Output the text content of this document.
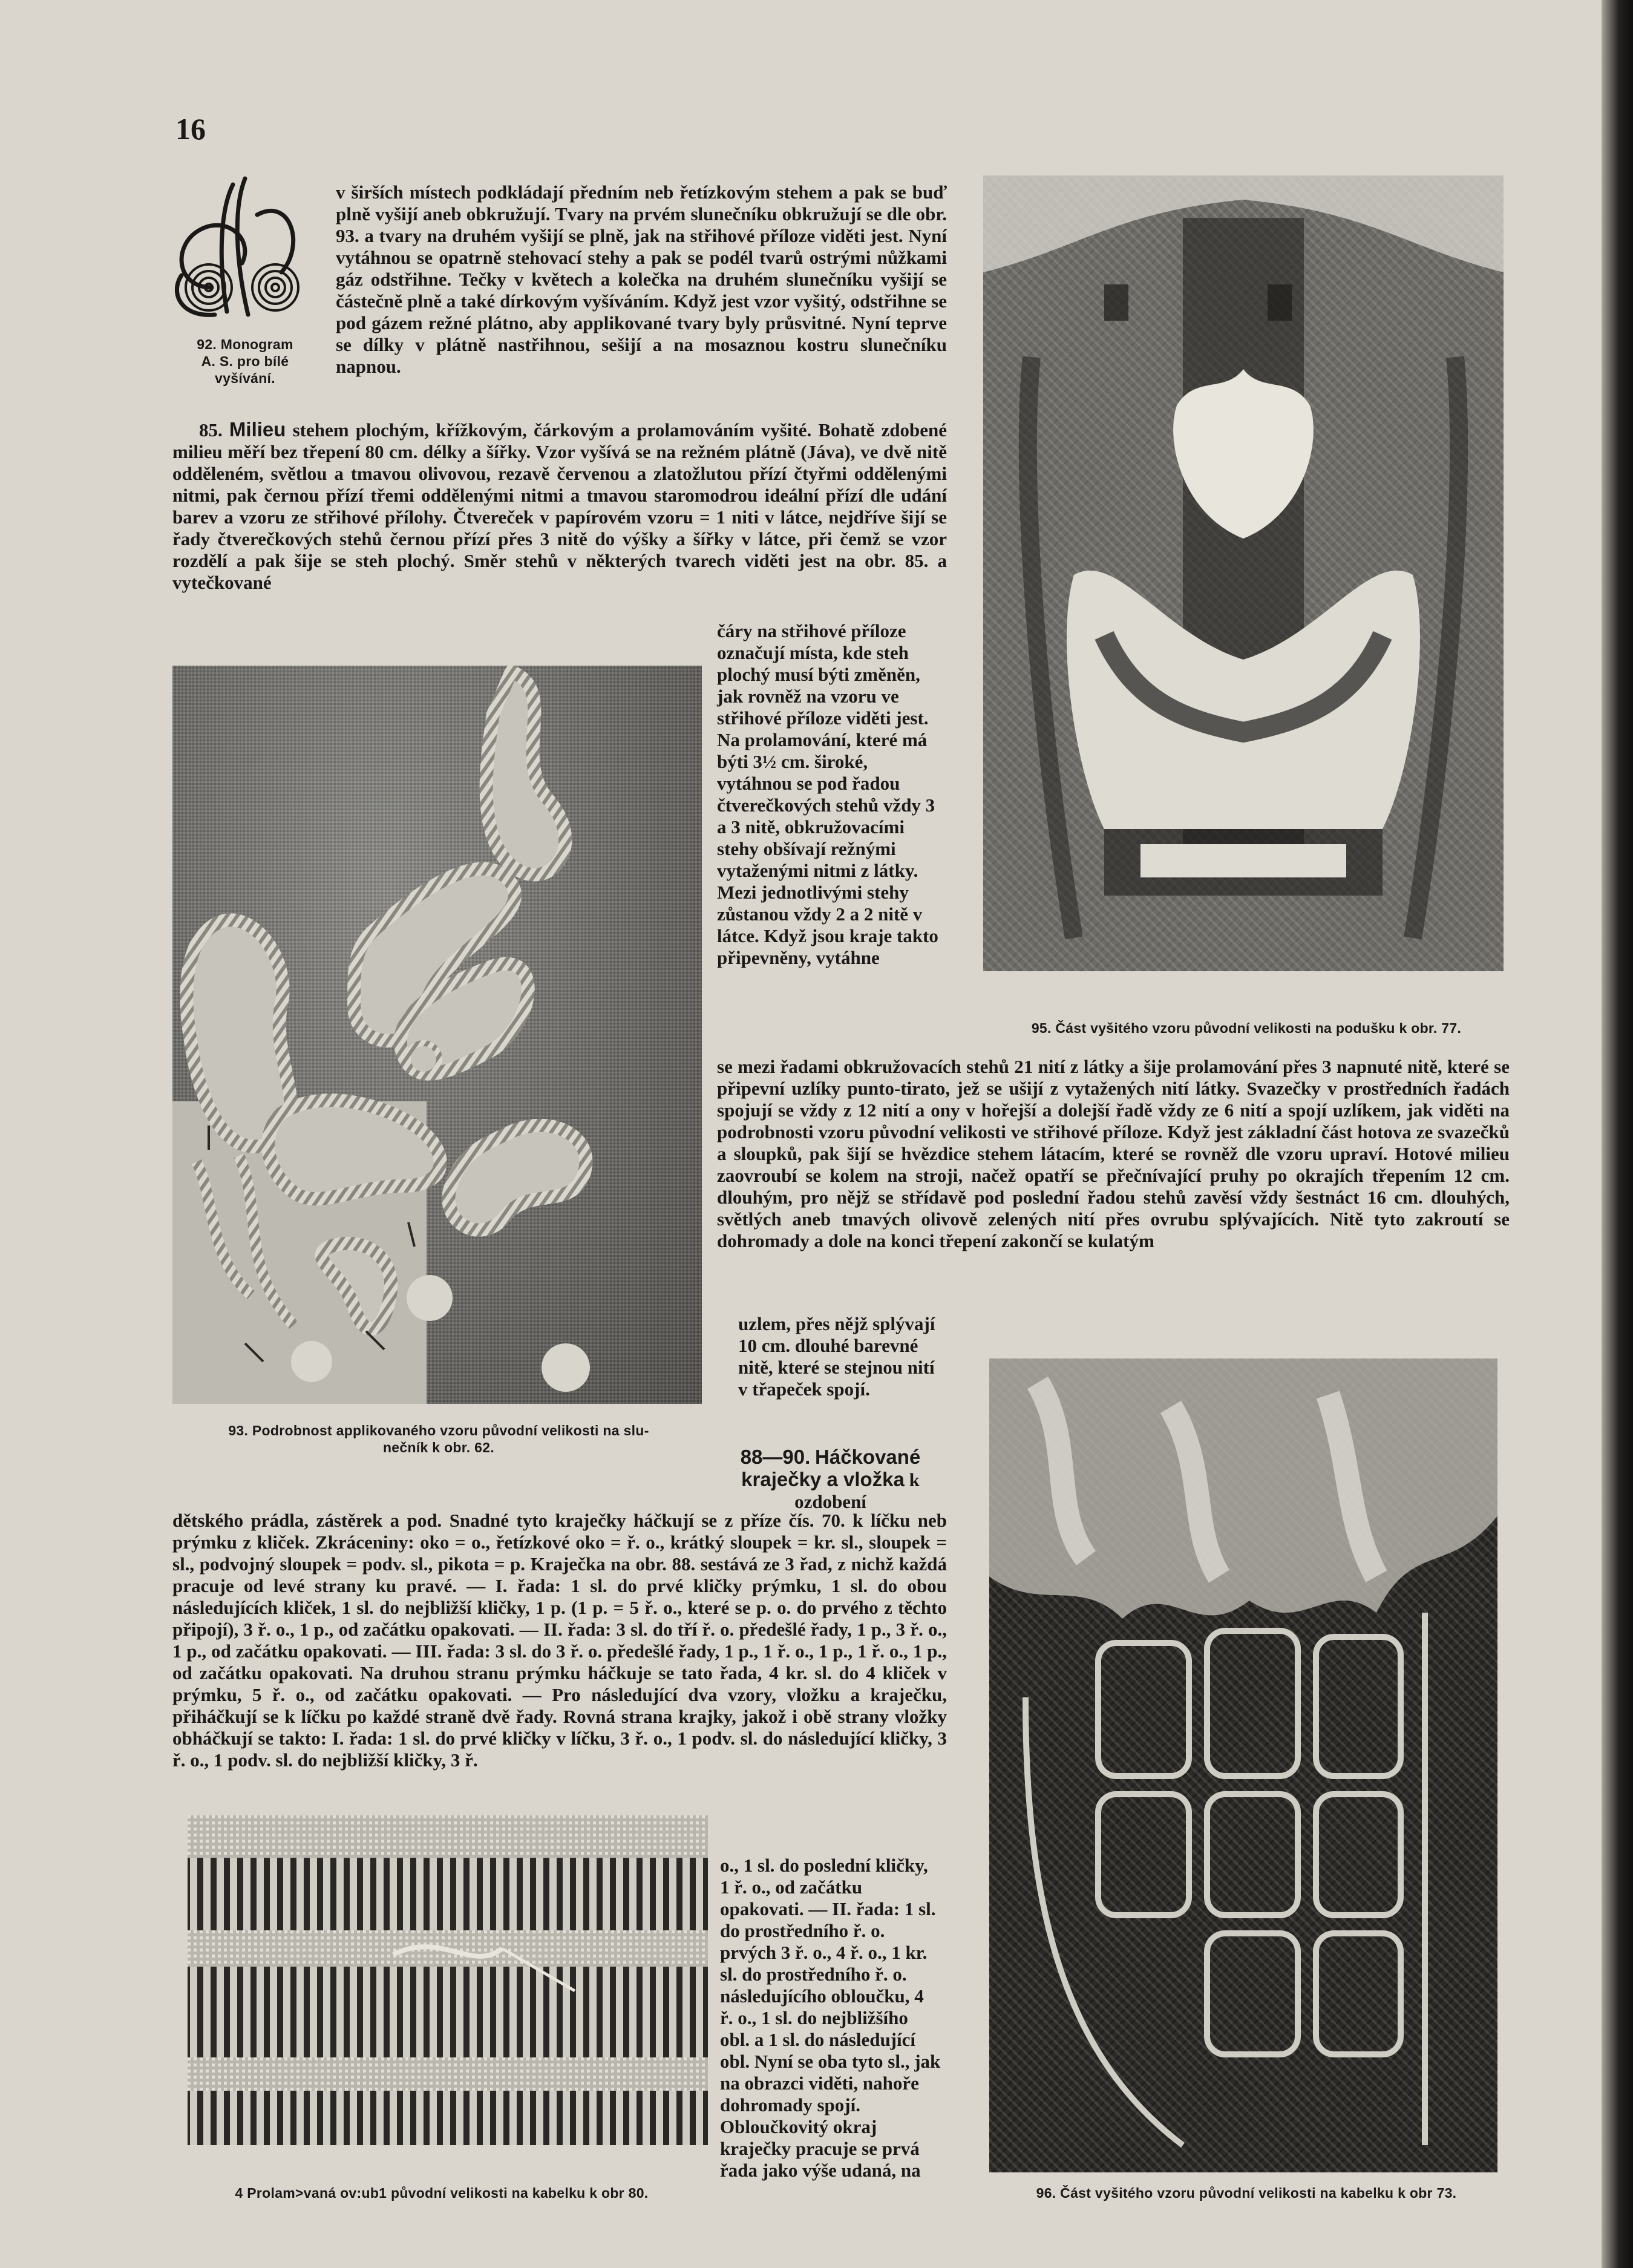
16
92. Monogram
A. S. pro bílé
vyšívání.

v širších místech podkládají předním neb řetízkovým stehem a pak se buď plně vyšijí aneb obkružují. Tvary na prvém slunečníku obkružují se dle obr. 93. a tvary na druhém vyšijí se plně, jak na střihové příloze viděti jest. Nyní vytáhnou se opatrně stehovací stehy a pak se podél tvarů ostrými nůžkami gáz odstřihne. Tečky v květech a kolečka na druhém slunečníku vyšijí se částečně plně a také dírkovým vyšíváním. Když jest vzor vyšitý, odstřihne se pod gázem režné plátno, aby applikované tvary byly průsvitné. Nyní teprve se dílky v plátně nastřihnou, sešijí a na mosaznou kostru slunečníku napnou.

85. Milieu stehem plochým, křížkovým, čárkovým a prolamováním vyšité. Bohatě zdobené milieu měří bez třepení 80 cm. délky a šířky. Vzor vyšívá se na režném plátně (Jáva), ve dvě nitě odděleném, světlou a tmavou olivovou, rezavě červenou a zlatožlutou přízí čtyřmi oddělenými nitmi, pak černou přízí třemi oddělenými nitmi a tmavou staromodrou ideální přízí dle udání barev a vzoru ze střihové přílohy. Čtvereček v papírovém vzoru = 1 niti v látce, nejdříve šijí se řady čtverečkových stehů černou přízí přes 3 nitě do výšky a šířky v látce, při čemž se vzor rozdělí a pak šije se steh plochý. Směr stehů v některých tvarech viděti jest na obr. 85. a vytečkované

93. Podrobnost applikovaného vzoru původní velikosti na slu-
nečník k obr. 62.

čáry na střihové příloze označují místa, kde steh plochý musí býti změněn, jak rovněž na vzoru ve střihové příloze viděti jest. Na prolamování, které má býti 3½ cm. široké, vytáhnou se pod řadou čtverečkových stehů vždy 3 a 3 nitě, obkružovacími stehy obšívají režnými vytaženými nitmi z látky. Mezi jednotlivými stehy zůstanou vždy 2 a 2 nitě v látce. Když jsou kraje takto připevněny, vytáhne

95. Část vyšitého vzoru původní velikosti na podušku k obr. 77.

se mezi řadami obkružovacích stehů 21 nití z látky a šije prolamování přes 3 napnuté nitě, které se připevní uzlíky punto-tirato, jež se ušijí z vytažených nití látky. Svazečky v prostředních řadách spojují se vždy z 12 nití a ony v hořejší a dolejší řadě vždy ze 6 nití a spojí uzlíkem, jak viděti na podrobnosti vzoru původní velikosti ve střihové příloze. Když jest základní část hotova ze svazečků a sloupků, pak šijí se hvězdice stehem látacím, které se rovněž dle vzoru upraví. Hotové milieu zaovroubí se kolem na stroji, načež opatří se přečnívající pruhy po okrajích třepením 12 cm. dlouhým, pro nějž se střídavě pod poslední řadou stehů zavěsí vždy šestnáct 16 cm. dlouhých, světlých aneb tmavých olivově zelených nití přes ovrubu splývajících. Nitě tyto zakroutí se dohromady a dole na konci třepení zakončí se kulatým

uzlem, přes nějž splývají 10 cm. dlouhé barevné nitě, které se stejnou nití v třapeček spojí.

88—90. Háčkované kraječky a vložka k ozdobení

dětského prádla, zástěrek a pod. Snadné tyto kraječky háčkují se z příze čís. 70. k líčku neb prýmku z kliček. Zkráceniny: oko = o., řetízkové oko = ř. o., krátký sloupek = kr. sl., sloupek = sl., podvojný sloupek = podv. sl., pikota = p. Kraječka na obr. 88. sestává ze 3 řad, z nichž každá pracuje od levé strany ku pravé. — I. řada: 1 sl. do prvé kličky prýmku, 1 sl. do obou následujících kliček, 1 sl. do nejbližší kličky, 1 p. (1 p. = 5 ř. o., které se p. o. do prvého z těchto připojí), 3 ř. o., 1 p., od začátku opakovati. — II. řada: 3 sl. do tří ř. o. předešlé řady, 1 p., 3 ř. o., 1 p., od začátku opakovati. — III. řada: 3 sl. do 3 ř. o. předešlé řady, 1 p., 1 ř. o., 1 p., 1 ř. o., 1 p., od začátku opakovati. Na druhou stranu prýmku háčkuje se tato řada, 4 kr. sl. do 4 kliček v prýmku, 5 ř. o., od začátku opakovati. — Pro následující dva vzory, vložku a kraječku, přiháčkují se k líčku po každé straně dvě řady. Rovná strana krajky, jakož i obě strany vložky obháčkují se takto: I. řada: 1 sl. do prvé kličky v líčku, 3 ř. o., 1 podv. sl. do následující kličky, 3 ř. o., 1 podv. sl. do nejbližší kličky, 3 ř.

4 Prolam>vaná ov:ub1 původní velikosti na kabelku k obr 80.

o., 1 sl. do poslední kličky, 1 ř. o., od začátku opakovati. — II. řada: 1 sl. do prostředního ř. o. prvých 3 ř. o., 4 ř. o., 1 kr. sl. do prostředního ř. o. následujícího obloučku, 4 ř. o., 1 sl. do nejbližšího obl. a 1 sl. do následující obl. Nyní se oba tyto sl., jak na obrazci viděti, nahoře dohromady spojí. Obloučkovitý okraj kraječky pracuje se prvá řada jako výše udaná, na

96. Část vyšitého vzoru původní velikosti na kabelku k obr 73.
